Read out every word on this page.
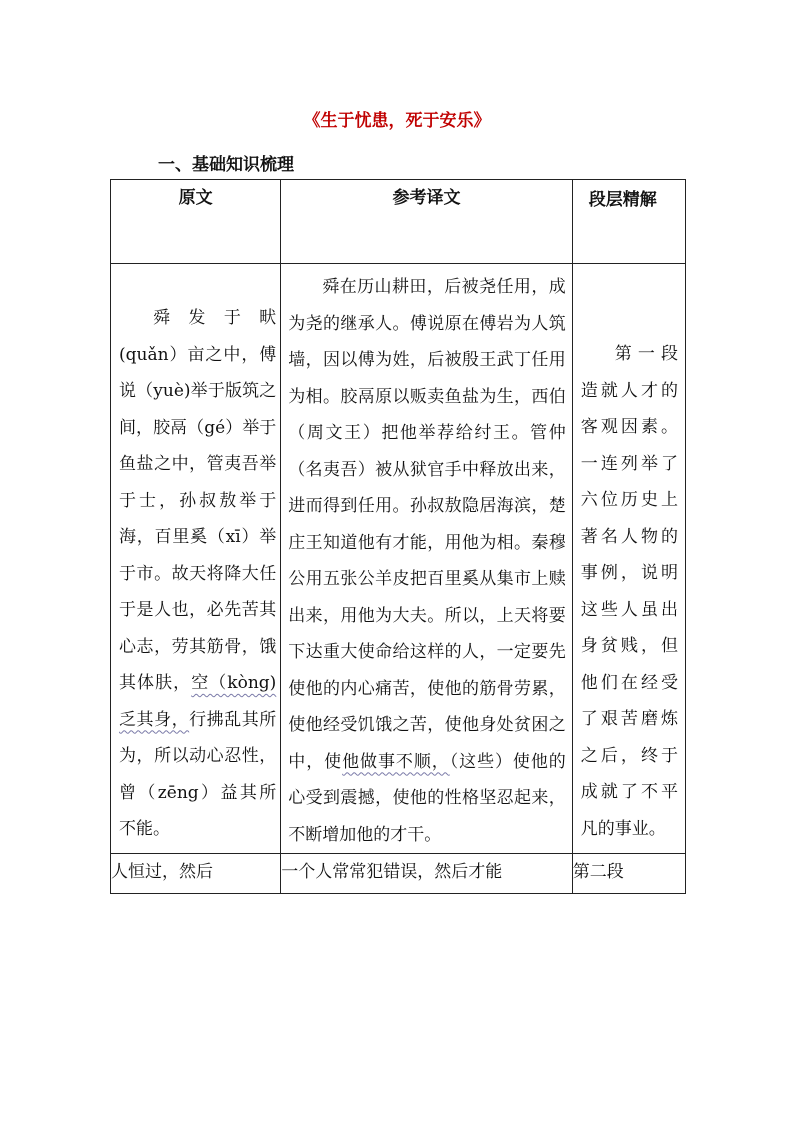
《生于忧患，死于安乐》
一、基础知识梳理
原文	参考译文	段层精解

舜发于畎(quǎn）亩之中，傅说（yuè)举于版筑之间，胶鬲（gé）举于鱼盐之中，管夷吾举于士，孙叔敖举于海，百里奚（xī）举于市。故天将降大任于是人也，必先苦其心志，劳其筋骨，饿其体肤，空（kòng)乏其身，行拂乱其所为，所以动心忍性，曾（zēng）益其所不能。	舜在历山耕田，后被尧任用，成为尧的继承人。傅说原在傅岩为人筑墙，因以傅为姓，后被殷王武丁任用为相。胶鬲原以贩卖鱼盐为生，西伯（周文王）把他举荐给纣王。管仲（名夷吾）被从狱官手中释放出来，进而得到任用。孙叔敖隐居海滨，楚庄王知道他有才能，用他为相。秦穆公用五张公羊皮把百里奚从集市上赎出来，用他为大夫。所以，上天将要下达重大使命给这样的人，一定要先使他的内心痛苦，使他的筋骨劳累，使他经受饥饿之苦，使他身处贫困之中，使他做事不顺，（这些）使他的心受到震撼，使他的性格坚忍起来，不断增加他的才干。	第一段造就人才的客观因素。一连列举了六位历史上著名人物的事例，说明这些人虽出身贫贱，但他们在经受了艰苦磨炼之后，终于成就了不平凡的事业。

人恒过，然后	一个人常常犯错误，然后才能	第二段
